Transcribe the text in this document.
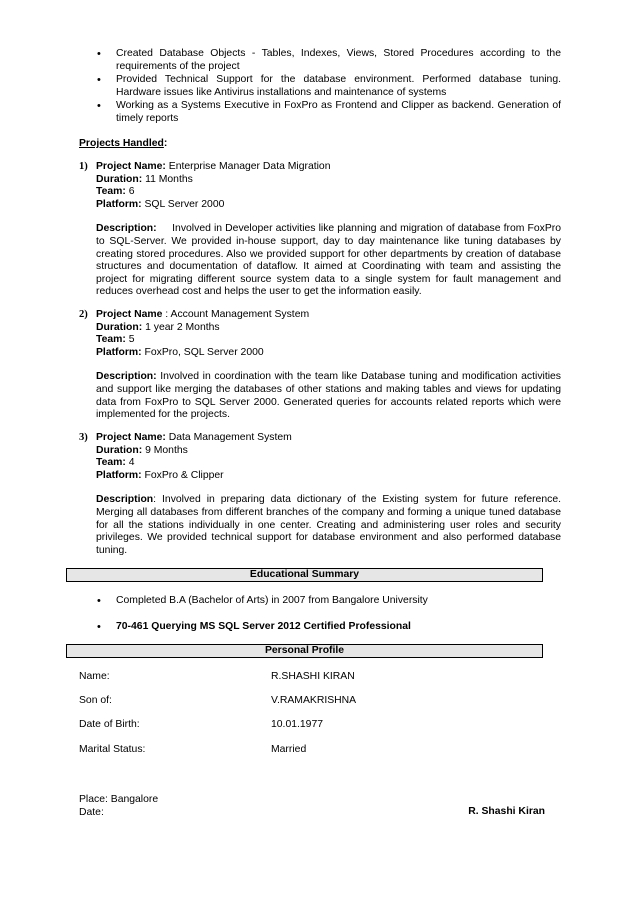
• Created Database Objects - Tables, Indexes, Views, Stored Procedures according to the requirements of the project
• Provided Technical Support for the database environment. Performed database tuning. Hardware issues like Antivirus installations and maintenance of systems
• Working as a Systems Executive in FoxPro as Frontend and Clipper as backend. Generation of timely reports
Projects Handled:
1) Project Name: Enterprise Manager Data Migration
Duration: 11 Months
Team: 6
Platform: SQL Server 2000
Description: Involved in Developer activities like planning and migration of database from FoxPro to SQL-Server. We provided in-house support, day to day maintenance like tuning databases by creating stored procedures. Also we provided support for other departments by creation of database structures and documentation of dataflow. It aimed at Coordinating with team and assisting the project for migrating different source system data to a single system for fault management and reduces overhead cost and helps the user to get the information easily.
2) Project Name : Account Management System
Duration: 1 year 2 Months
Team: 5
Platform: FoxPro, SQL Server 2000
Description: Involved in coordination with the team like Database tuning and modification activities and support like merging the databases of other stations and making tables and views for updating data from FoxPro to SQL Server 2000. Generated queries for accounts related reports which were implemented for the projects.
3) Project Name: Data Management System
Duration: 9 Months
Team: 4
Platform: FoxPro & Clipper
Description: Involved in preparing data dictionary of the Existing system for future reference. Merging all databases from different branches of the company and forming a unique tuned database for all the stations individually in one center. Creating and administering user roles and security privileges. We provided technical support for database environment and also performed database tuning.
Educational Summary
• Completed B.A (Bachelor of Arts) in 2007 from Bangalore University
• 70-461 Querying MS SQL Server 2012 Certified Professional
Personal Profile
Name:	R.SHASHI KIRAN
Son of:	V.RAMAKRISHNA
Date of Birth:	10.01.1977
Marital Status:	Married
Place: Bangalore
Date:	R. Shashi Kiran
